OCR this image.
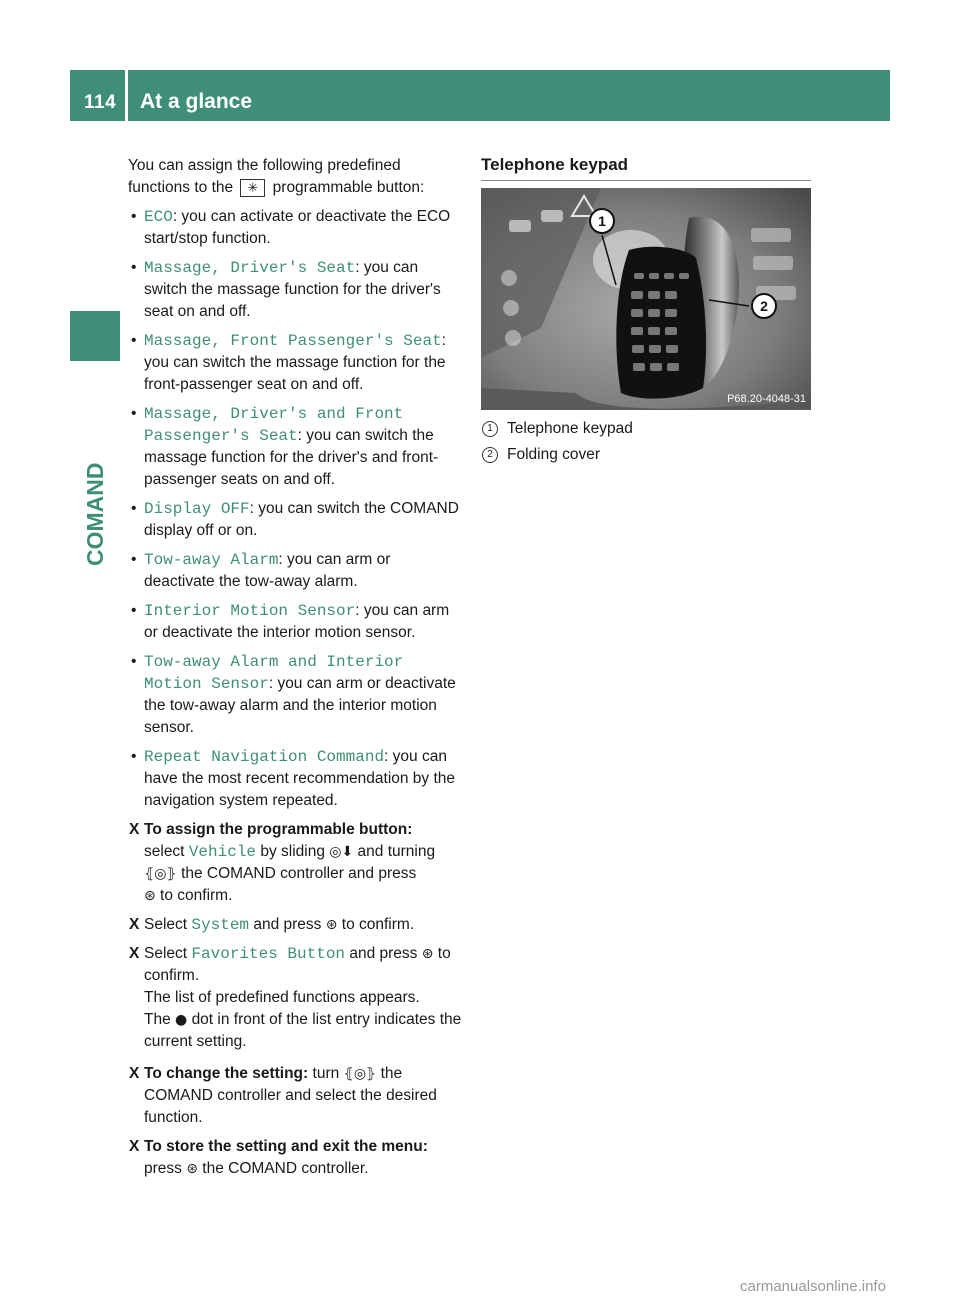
114	At a glance
COMAND

You can assign the following predefined
functions to the ✳ programmable button:

• ECO: you can activate or deactivate the ECO start/stop function.
• Massage, Driver's Seat: you can switch the massage function for the driver's seat on and off.
• Massage, Front Passenger's Seat: you can switch the massage function for the front-passenger seat on and off.
• Massage, Driver's and Front Passenger's Seat: you can switch the massage function for the driver's and front-passenger seats on and off.
• Display OFF: you can switch the COMAND display off or on.
• Tow-away Alarm: you can arm or deactivate the tow-away alarm.
• Interior Motion Sensor: you can arm or deactivate the interior motion sensor.
• Tow-away Alarm and Interior Motion Sensor: you can arm or deactivate the tow-away alarm and the interior motion sensor.
• Repeat Navigation Command: you can have the most recent recommendation by the navigation system repeated.
X To assign the programmable button:
select Vehicle by sliding ◎⬇ and turning
⦃◎⦄ the COMAND controller and press
⊛ to confirm.
X Select System and press ⊛ to confirm.
X Select Favorites Button and press ⊛ to confirm.
The list of predefined functions appears.
The ● dot in front of the list entry indicates the current setting.
X To change the setting: turn ⦃◎⦄ the COMAND controller and select the desired function.
X To store the setting and exit the menu:
press ⊛ the COMAND controller.

Telephone keypad

1
2
P68.20-4048-31
1 Telephone keypad
2 Folding cover
carmanualsonline.info
